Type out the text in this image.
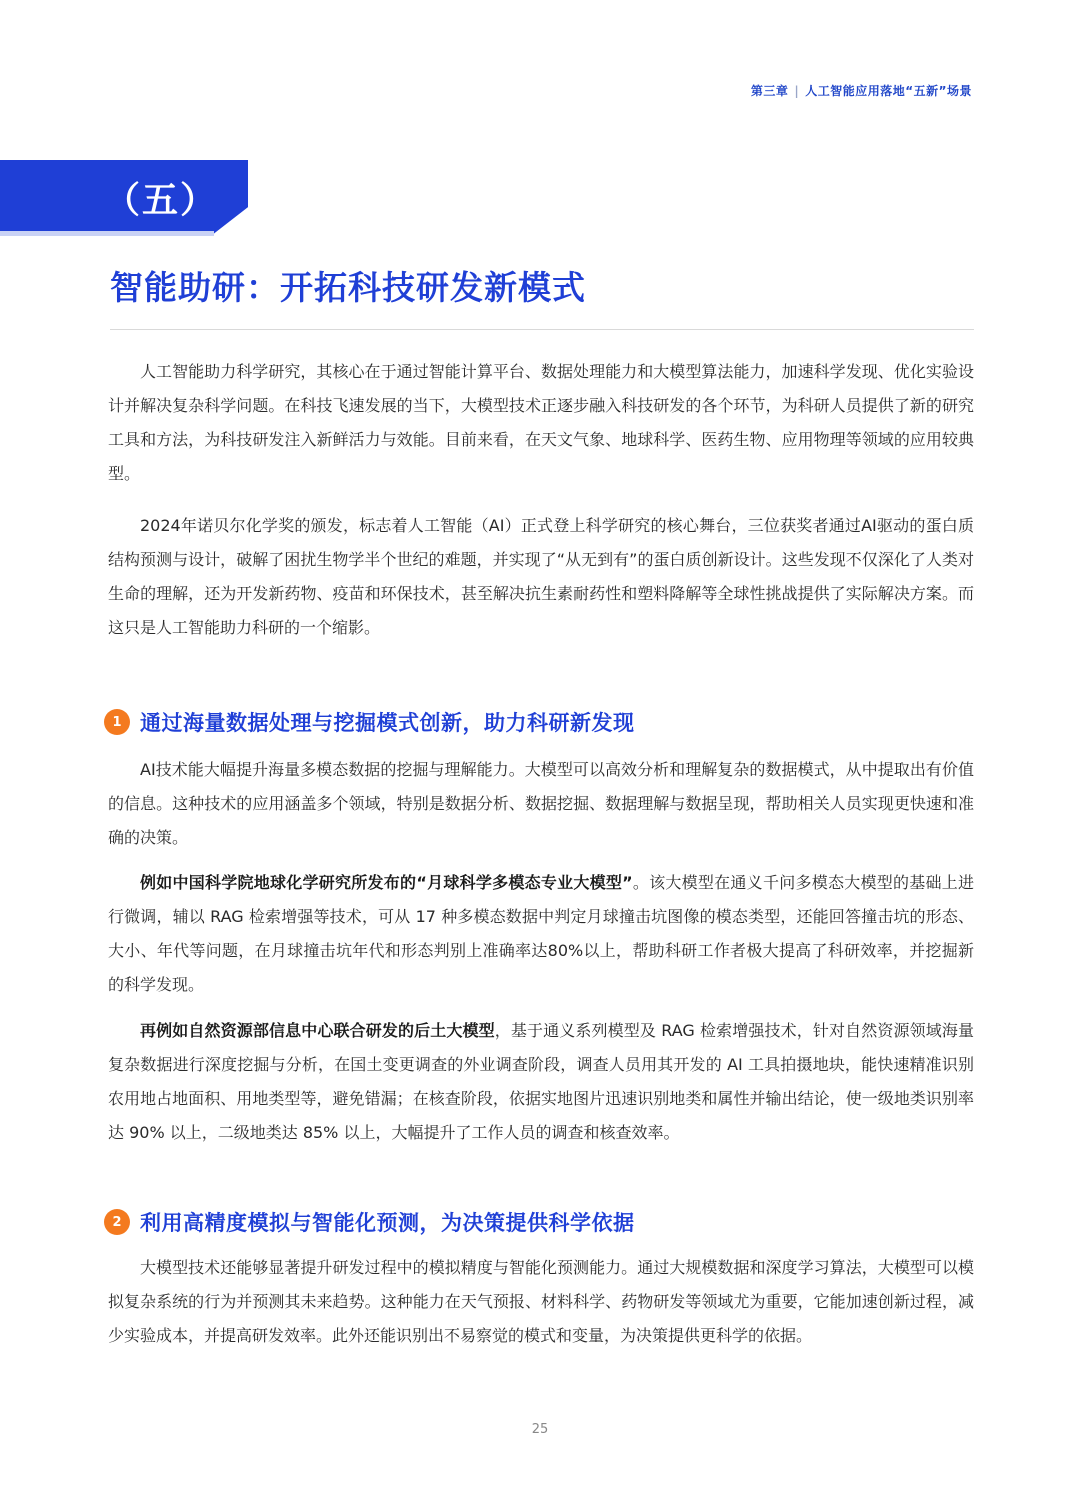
第三章 | 人工智能应用落地“五新”场景
（五）
智能助研：开拓科技研发新模式

人工智能助力科学研究，其核心在于通过智能计算平台、数据处理能力和大模型算法能力，加速科学发现、优化实验设计并解决复杂科学问题。在科技飞速发展的当下，大模型技术正逐步融入科技研发的各个环节，为科研人员提供了新的研究工具和方法，为科技研发注入新鲜活力与效能。目前来看，在天文气象、地球科学、医药生物、应用物理等领域的应用较典型。

2024年诺贝尔化学奖的颁发，标志着人工智能（AI）正式登上科学研究的核心舞台，三位获奖者通过AI驱动的蛋白质结构预测与设计，破解了困扰生物学半个世纪的难题，并实现了“从无到有”的蛋白质创新设计。这些发现不仅深化了人类对生命的理解，还为开发新药物、疫苗和环保技术，甚至解决抗生素耐药性和塑料降解等全球性挑战提供了实际解决方案。而这只是人工智能助力科研的一个缩影。

1 通过海量数据处理与挖掘模式创新，助力科研新发现

AI技术能大幅提升海量多模态数据的挖掘与理解能力。大模型可以高效分析和理解复杂的数据模式，从中提取出有价值的信息。这种技术的应用涵盖多个领域，特别是数据分析、数据挖掘、数据理解与数据呈现，帮助相关人员实现更快速和准确的决策。

例如中国科学院地球化学研究所发布的“月球科学多模态专业大模型”。该大模型在通义千问多模态大模型的基础上进行微调，辅以 RAG 检索增强等技术，可从 17 种多模态数据中判定月球撞击坑图像的模态类型，还能回答撞击坑的形态、大小、年代等问题，在月球撞击坑年代和形态判别上准确率达80%以上，帮助科研工作者极大提高了科研效率，并挖掘新的科学发现。

再例如自然资源部信息中心联合研发的后土大模型，基于通义系列模型及 RAG 检索增强技术，针对自然资源领域海量复杂数据进行深度挖掘与分析，在国土变更调查的外业调查阶段，调查人员用其开发的 AI 工具拍摄地块，能快速精准识别农用地占地面积、用地类型等，避免错漏；在核查阶段，依据实地图片迅速识别地类和属性并输出结论，使一级地类识别率达 90% 以上，二级地类达 85% 以上，大幅提升了工作人员的调查和核查效率。

2 利用高精度模拟与智能化预测，为决策提供科学依据

大模型技术还能够显著提升研发过程中的模拟精度与智能化预测能力。通过大规模数据和深度学习算法，大模型可以模拟复杂系统的行为并预测其未来趋势。这种能力在天气预报、材料科学、药物研发等领域尤为重要，它能加速创新过程，减少实验成本，并提高研发效率。此外还能识别出不易察觉的模式和变量，为决策提供更科学的依据。

25
